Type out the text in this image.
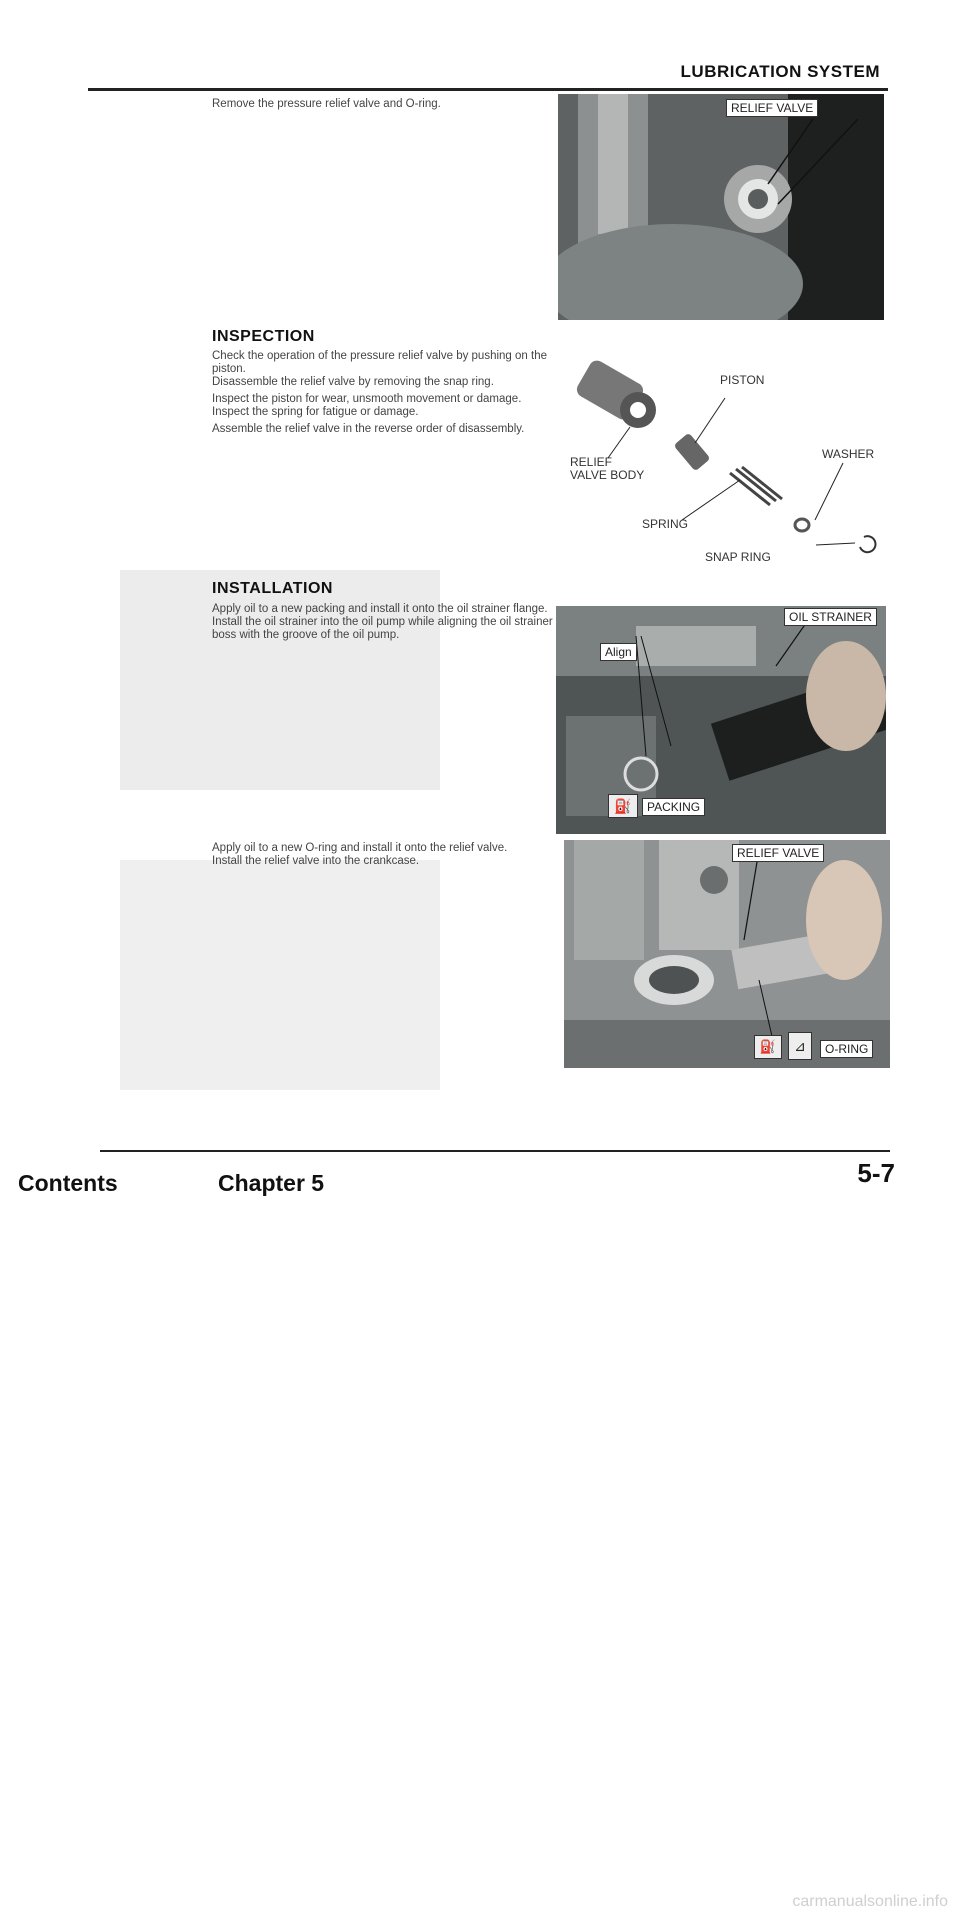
LUBRICATION SYSTEM
Remove the pressure relief valve and O-ring.	RELIEF VALVE
INSPECTION
Check the operation of the pressure relief valve by pushing on the piston.
Disassemble the relief valve by removing the snap ring.
Inspect the piston for wear, unsmooth movement or damage.
Inspect the spring for fatigue or damage.
Assemble the relief valve in the reverse order of disassembly.
PISTON
WASHER
RELIEF
VALVE BODY
SPRING
SNAP RING
INSTALLATION
Apply oil to a new packing and install it onto the oil strainer flange.
Install the oil strainer into the oil pump while aligning the oil strainer boss with the groove of the oil pump.
OIL STRAINER
Align
⛽	PACKING
Apply oil to a new O-ring and install it onto the relief valve.
Install the relief valve into the crankcase.
RELIEF VALVE
⛽	⊿	O-RING
5-7
Contents	Chapter 5
carmanualsonline.info
